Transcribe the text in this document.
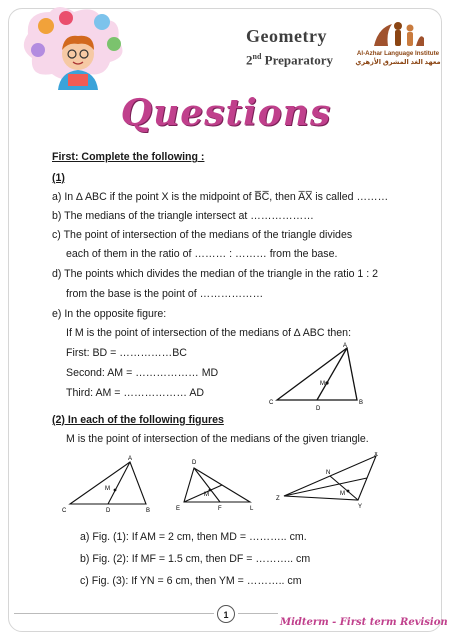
Geometry
2nd Preparatory	Al-Azhar Language Institute
معهد الغد المشرق الأزهري
Questions
First: Complete the following :
(1)
a) In ∆ ABC if the point X is the midpoint of B̅C̅, then A̅X̅ is called ………
b) The medians of the triangle intersect at ………………
c) The point of intersection of the medians of the triangle divides
each of them in the ratio of ……… : ……… from the base.
d) The points which divides the median of the triangle in the ratio 1 : 2
from the base is the point of ………………
e) In the opposite figure:
If M is the point of intersection of the medians of ∆ ABC then:
First: BD = ……………BC
Second: AM = ……………… MD
Third: AM = ……………… AD
A
M
C
D
B
(2) In each of the following figures
M is the point of intersection of the medians of the given triangle.
A
M
C	D	B
D
M
E	F	L
X
N
M
Z
Y
a) Fig. (1): If AM = 2 cm, then MD = ……….. cm.
b) Fig. (2): If MF = 1.5 cm, then DF = ……….. cm
c) Fig. (3): If YN = 6 cm, then YM = ……….. cm
1
Midterm - First term Revision
